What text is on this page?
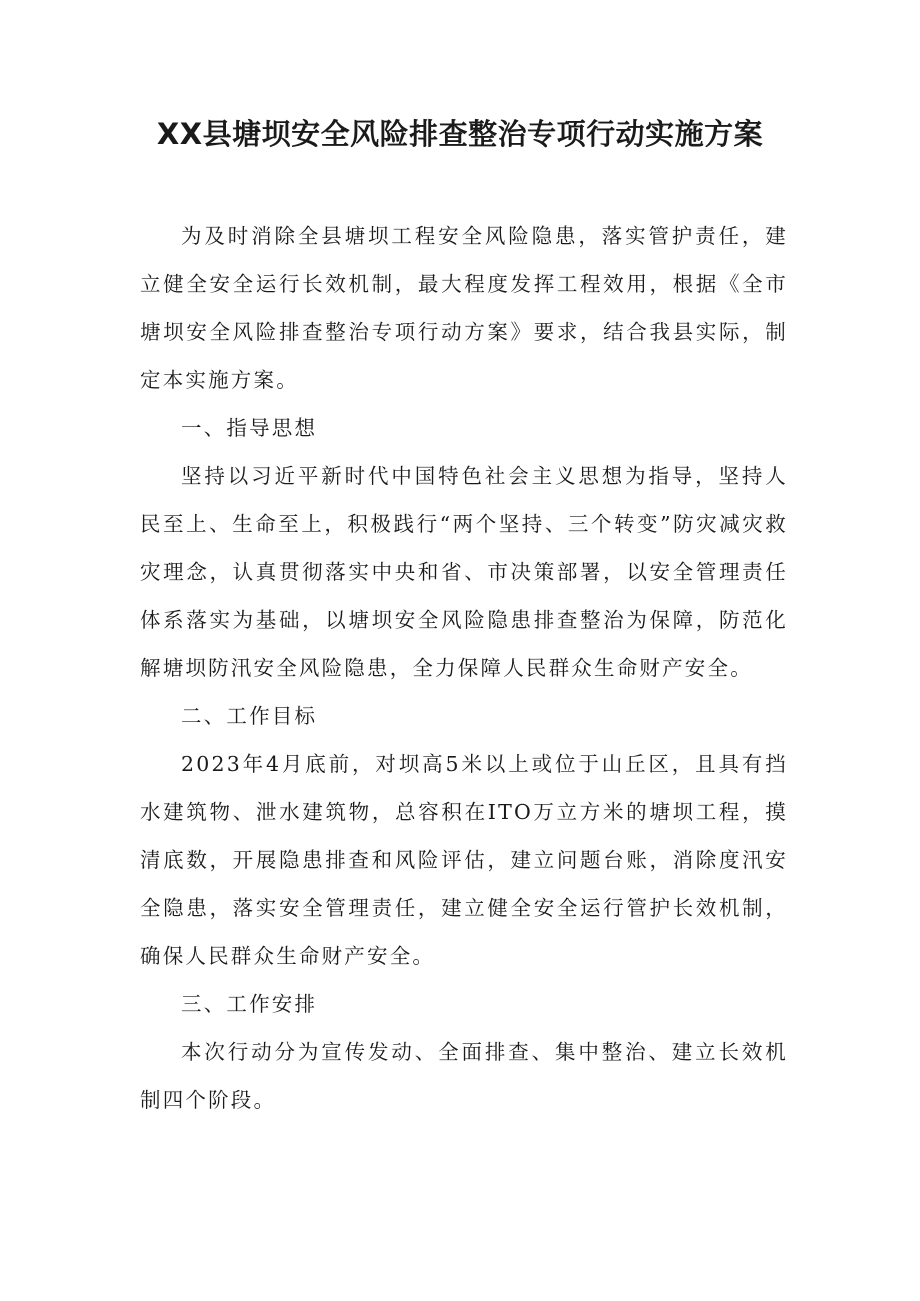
XX县塘坝安全风险排查整治专项行动实施方案

为及时消除全县塘坝工程安全风险隐患，落实管护责任，建立健全安全运行长效机制，最大程度发挥工程效用，根据《全市塘坝安全风险排查整治专项行动方案》要求，结合我县实际，制定本实施方案。

一、指导思想

坚持以习近平新时代中国特色社会主义思想为指导，坚持人民至上、生命至上，积极践行“两个坚持、三个转变”防灾减灾救灾理念，认真贯彻落实中央和省、市决策部署，以安全管理责任体系落实为基础，以塘坝安全风险隐患排查整治为保障，防范化解塘坝防汛安全风险隐患，全力保障人民群众生命财产安全。

二、工作目标

2023年4月底前，对坝高5米以上或位于山丘区，且具有挡水建筑物、泄水建筑物，总容积在ITO万立方米的塘坝工程，摸清底数，开展隐患排查和风险评估，建立问题台账，消除度汛安全隐患，落实安全管理责任，建立健全安全运行管护长效机制，确保人民群众生命财产安全。

三、工作安排

本次行动分为宣传发动、全面排查、集中整治、建立长效机制四个阶段。
